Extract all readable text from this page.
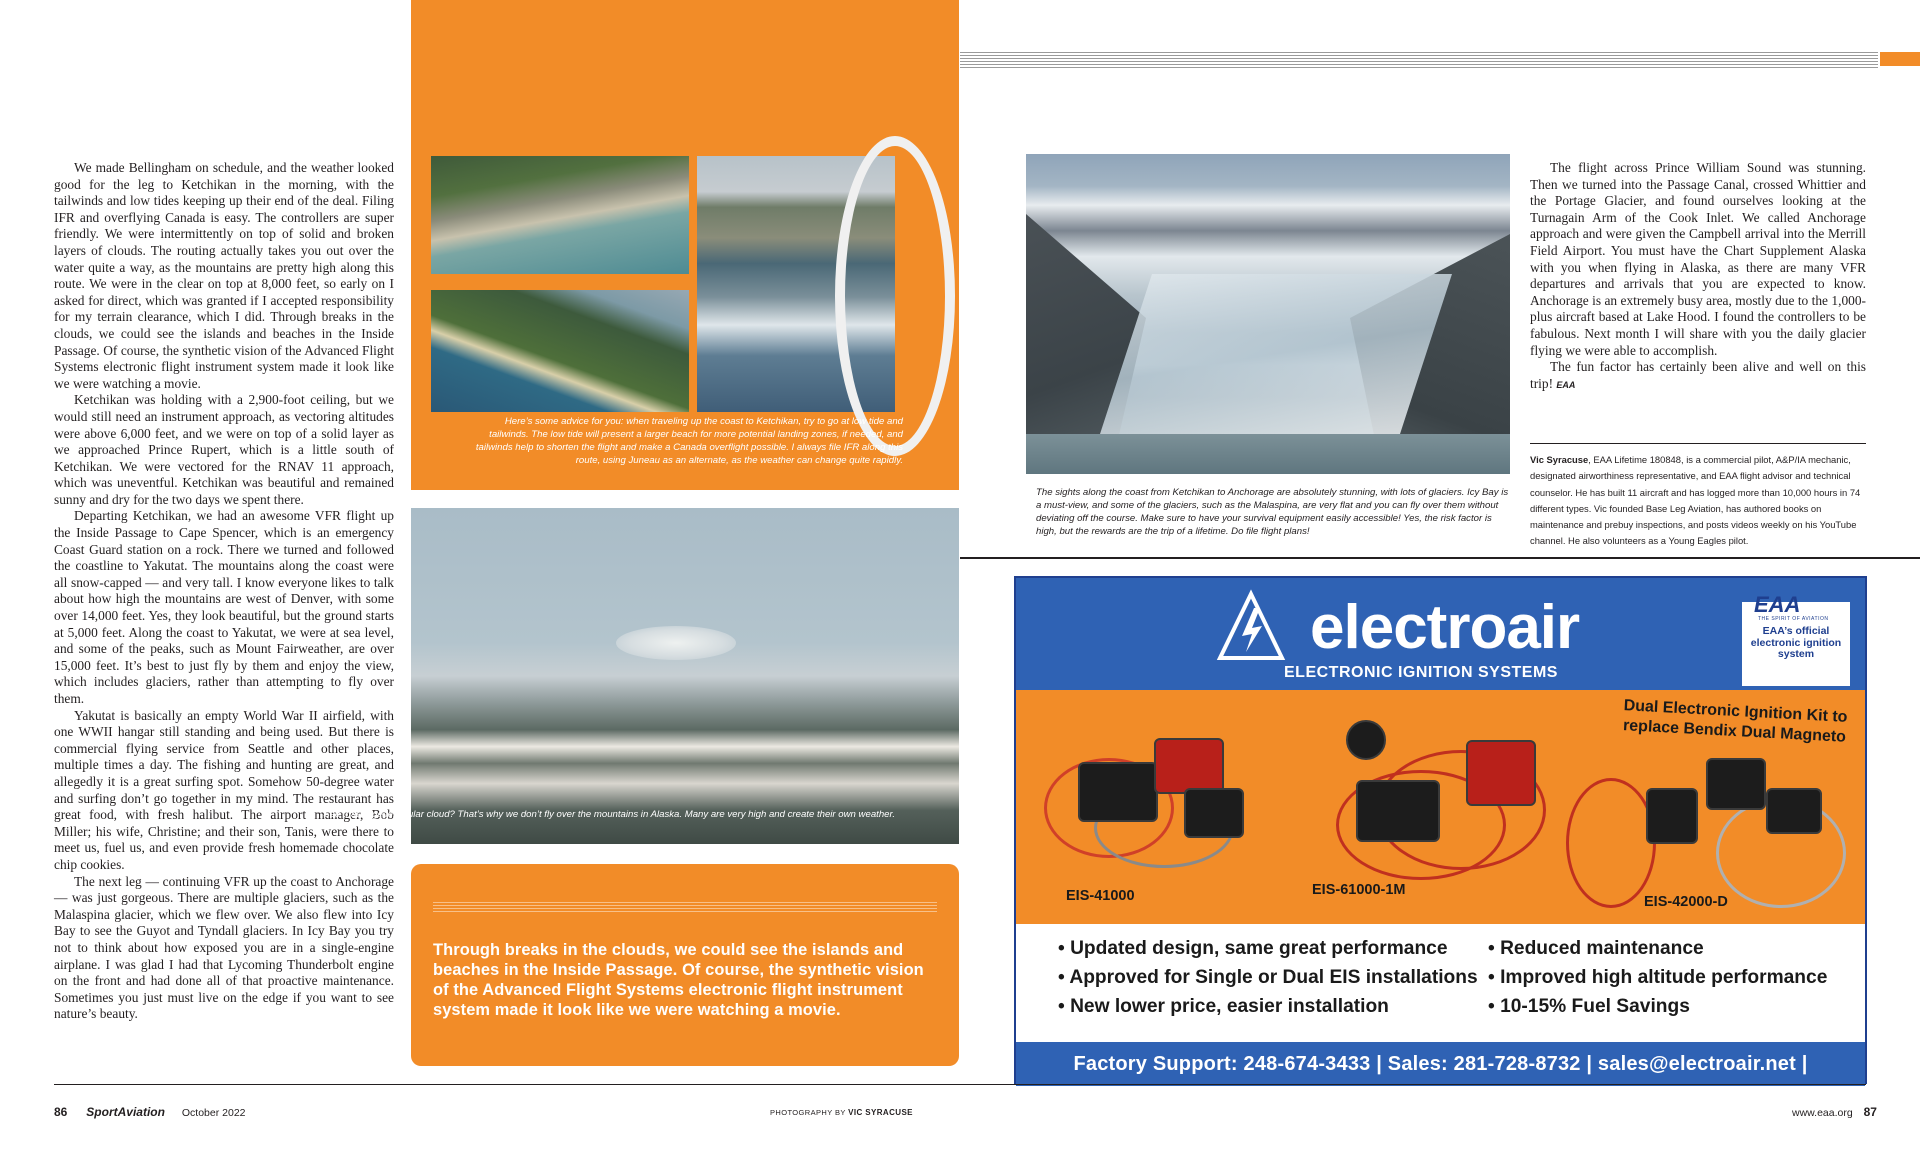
We made Bellingham on schedule, and the weather looked good for the leg to Ketchikan in the morning, with the tailwinds and low tides keeping up their end of the deal. Filing IFR and overflying Canada is easy. The controllers are super friendly. We were intermittently on top of solid and broken layers of clouds. The routing actually takes you out over the water quite a way, as the mountains are pretty high along this route. We were in the clear on top at 8,000 feet, so early on I asked for direct, which was granted if I accepted responsibility for my terrain clearance, which I did. Through breaks in the clouds, we could see the islands and beaches in the Inside Passage. Of course, the synthetic vision of the Advanced Flight Systems electronic flight instrument system made it look like we were watching a movie.

Ketchikan was holding with a 2,900-foot ceiling, but we would still need an instrument approach, as vectoring altitudes were above 6,000 feet, and we were on top of a solid layer as we approached Prince Rupert, which is a little south of Ketchikan. We were vectored for the RNAV 11 approach, which was uneventful. Ketchikan was beautiful and remained sunny and dry for the two days we spent there.

Departing Ketchikan, we had an awesome VFR flight up the Inside Passage to Cape Spencer, which is an emergency Coast Guard station on a rock. There we turned and followed the coastline to Yakutat. The mountains along the coast were all snow-capped — and very tall. I know everyone likes to talk about how high the mountains are west of Denver, with some over 14,000 feet. Yes, they look beautiful, but the ground starts at 5,000 feet. Along the coast to Yakutat, we were at sea level, and some of the peaks, such as Mount Fairweather, are over 15,000 feet. It’s best to just fly by them and enjoy the view, which includes glaciers, rather than attempting to fly over them.

Yakutat is basically an empty World War II airfield, with one WWII hangar still standing and being used. But there is commercial flying service from Seattle and other places, multiple times a day. The fishing and hunting are great, and allegedly it is a great surfing spot. Somehow 50-degree water and surfing don’t go together in my mind. The restaurant has great food, with fresh halibut. The airport manager, Bob Miller; his wife, Christine; and their son, Tanis, were there to meet us, fuel us, and even provide fresh homemade chocolate chip cookies.

The next leg — continuing VFR up the coast to Anchorage — was just gorgeous. There are multiple glaciers, such as the Malaspina glacier, which we flew over. We also flew into Icy Bay to see the Guyot and Tyndall glaciers. In Icy Bay you try not to think about how exposed you are in a single-engine airplane. I was glad I had that Lycoming Thunderbolt engine on the front and had done all of that proactive maintenance. Sometimes you just must live on the edge if you want to see nature’s beauty.

Here’s some advice for you: when traveling up the coast to Ketchikan, try to go at low tide and tailwinds. The low tide will present a larger beach for more potential landing zones, if needed, and tailwinds help to shorten the flight and make a Canada overflight possible. I always file IFR along this route, using Juneau as an alternate, as the weather can change quite rapidly.
See that huge lenticular cloud? That’s why we don’t fly over the mountains in Alaska. Many are very high and create their own weather.
Through breaks in the clouds, we could see the islands and beaches in the Inside Passage. Of course, the synthetic vision of the Advanced Flight Systems electronic flight instrument system made it look like we were watching a movie.
The sights along the coast from Ketchikan to Anchorage are absolutely stunning, with lots of glaciers. Icy Bay is a must-view, and some of the glaciers, such as the Malaspina, are very flat and you can fly over them without deviating off the course. Make sure to have your survival equipment easily accessible! Yes, the risk factor is high, but the rewards are the trip of a lifetime. Do file flight plans!

The flight across Prince William Sound was stunning. Then we turned into the Passage Canal, crossed Whittier and the Portage Glacier, and found ourselves looking at the Turnagain Arm of the Cook Inlet. We called Anchorage approach and were given the Campbell arrival into the Merrill Field Airport. You must have the Chart Supplement Alaska with you when flying in Alaska, as there are many VFR departures and arrivals that you are expected to know. Anchorage is an extremely busy area, mostly due to the 1,000-plus aircraft based at Lake Hood. I found the controllers to be fabulous. Next month I will share with you the daily glacier flying we were able to accomplish.

The fun factor has certainly been alive and well on this trip! EAA

Vic Syracuse, EAA Lifetime 180848, is a commercial pilot, A&P/IA mechanic, designated airworthiness representative, and EAA flight advisor and technical counselor. He has built 11 aircraft and has logged more than 10,000 hours in 74 different types. Vic founded Base Leg Aviation, has authored books on maintenance and prebuy inspections, and posts videos weekly on his YouTube channel. He also volunteers as a Young Eagles pilot.
electroair
ELECTRONIC IGNITION SYSTEMS
EAA
THE SPIRIT OF AVIATION
EAA’s official electronic ignition system
Dual Electronic Ignition Kit to replace Bendix Dual Magneto
EIS-41000	EIS-61000-1M
EIS-42000-D
• Updated design, same great performance
• Approved for Single or Dual EIS installations
• New lower price, easier installation
• Reduced maintenance
• Improved high altitude performance
• 10-15% Fuel Savings
Factory Support: 248-674-3433 | Sales: 281-728-8732 | sales@electroair.net | electroair.net
86 SportAviation October 2022	PHOTOGRAPHY BY VIC SYRACUSE	www.eaa.org 87
